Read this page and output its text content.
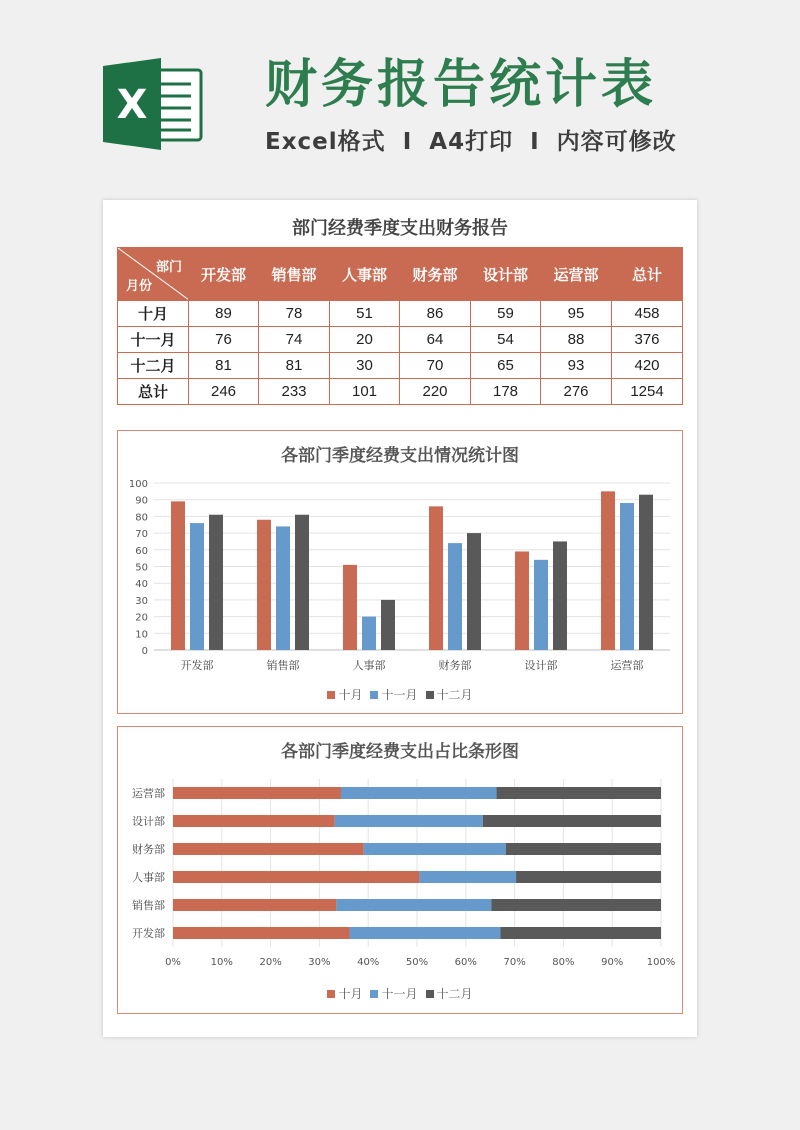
X 财务报告统计表
Excel格式 I A4打印 I 内容可修改
部门经费季度支出财务报告
部门
月份	开发部	销售部	人事部	财务部	设计部	运营部	总计
十月	89	78	51	86	59	95	458
十一月	76	74	20	64	54	88	376
十二月	81	81	30	70	65	93	420
总计	246	233	101	220	178	276	1254
各部门季度经费支出情况统计图
0
10
20
30
40
50
60
70
80
90
100
开发部	销售部	人事部	财务部	设计部	运营部
十月 十一月 十二月
各部门季度经费支出占比条形图
0%	10%	20%	30%	40%	50%	60%	70%	80%	90% 100%
运营部
设计部
财务部
人事部
销售部
开发部
十月 十一月 十二月
